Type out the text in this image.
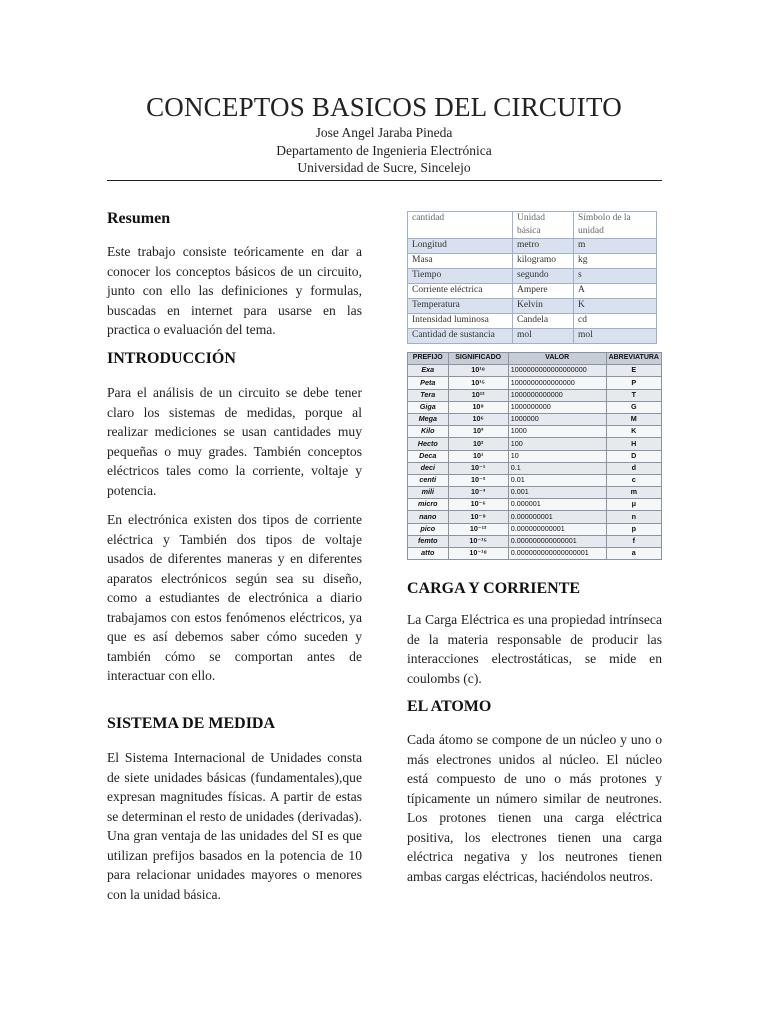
CONCEPTOS BASICOS DEL CIRCUITO
Jose Angel Jaraba Pineda
Departamento de Ingenieria Electrónica
Universidad de Sucre, Sincelejo
Resumen

Este trabajo consiste teóricamente en dar a conocer los conceptos básicos de un circuito, junto con ello las definiciones y formulas, buscadas en internet para usarse en las practica o evaluación del tema.

INTRODUCCIÓN

Para el análisis de un circuito se debe tener claro los sistemas de medidas, porque al realizar mediciones se usan cantidades muy pequeñas o muy grades. También conceptos eléctricos tales como la corriente, voltaje y potencia.

En electrónica existen dos tipos de corriente eléctrica y También dos tipos de voltaje usados de diferentes maneras y en diferentes aparatos electrónicos según sea su diseño, como a estudiantes de electrónica a diario trabajamos con estos fenómenos eléctricos, ya que es así debemos saber cómo suceden y también cómo se comportan antes de interactuar con ello.

SISTEMA DE MEDIDA

El Sistema Internacional de Unidades consta de siete unidades básicas (fundamentales),que expresan magnitudes físicas. A partir de estas se determinan el resto de unidades (derivadas). Una gran ventaja de las unidades del SI es que utilizan prefijos basados en la potencia de 10 para relacionar unidades mayores o menores con la unidad básica.

cantidad	Unidad básica	Símbolo de la unidad
Longitud	metro	m
Masa	kilogramo	kg
Tiempo	segundo	s
Corriente eléctrica	Ampere	A
Temperatura	Kelvin	K
Intensidad luminosa	Candela	cd
Cantidad de sustancia	mol	mol
PREFIJO	SIGNIFICADO	VALOR	ABREVIATURA
Exa	10¹⁸	1000000000000000000	E
Peta	10¹⁵	1000000000000000	P
Tera	10¹²	1000000000000	T
Giga	10⁹	1000000000	G
Mega	10⁶	1000000	M
Kilo	10³	1000	K
Hecto	10²	100	H
Deca	10¹	10	D
deci	10⁻¹	0.1	d
centi	10⁻²	0.01	c
mili	10⁻³	0.001	m
micro	10⁻⁶	0.000001	μ
nano	10⁻⁹	0.000000001	n
pico	10⁻¹²	0.000000000001	p
femto	10⁻¹⁵	0.000000000000001	f
atto	10⁻¹⁸	0.000000000000000001	a
CARGA Y CORRIENTE

La Carga Eléctrica es una propiedad intrínseca de la materia responsable de producir las interacciones electrostáticas, se mide en coulombs (c).

EL ATOMO

Cada átomo se compone de un núcleo y uno o más electrones unidos al núcleo. El núcleo está compuesto de uno o más protones y típicamente un número similar de neutrones. Los protones tienen una carga eléctrica positiva, los electrones tienen una carga eléctrica negativa y los neutrones tienen ambas cargas eléctricas, haciéndolos neutros.
